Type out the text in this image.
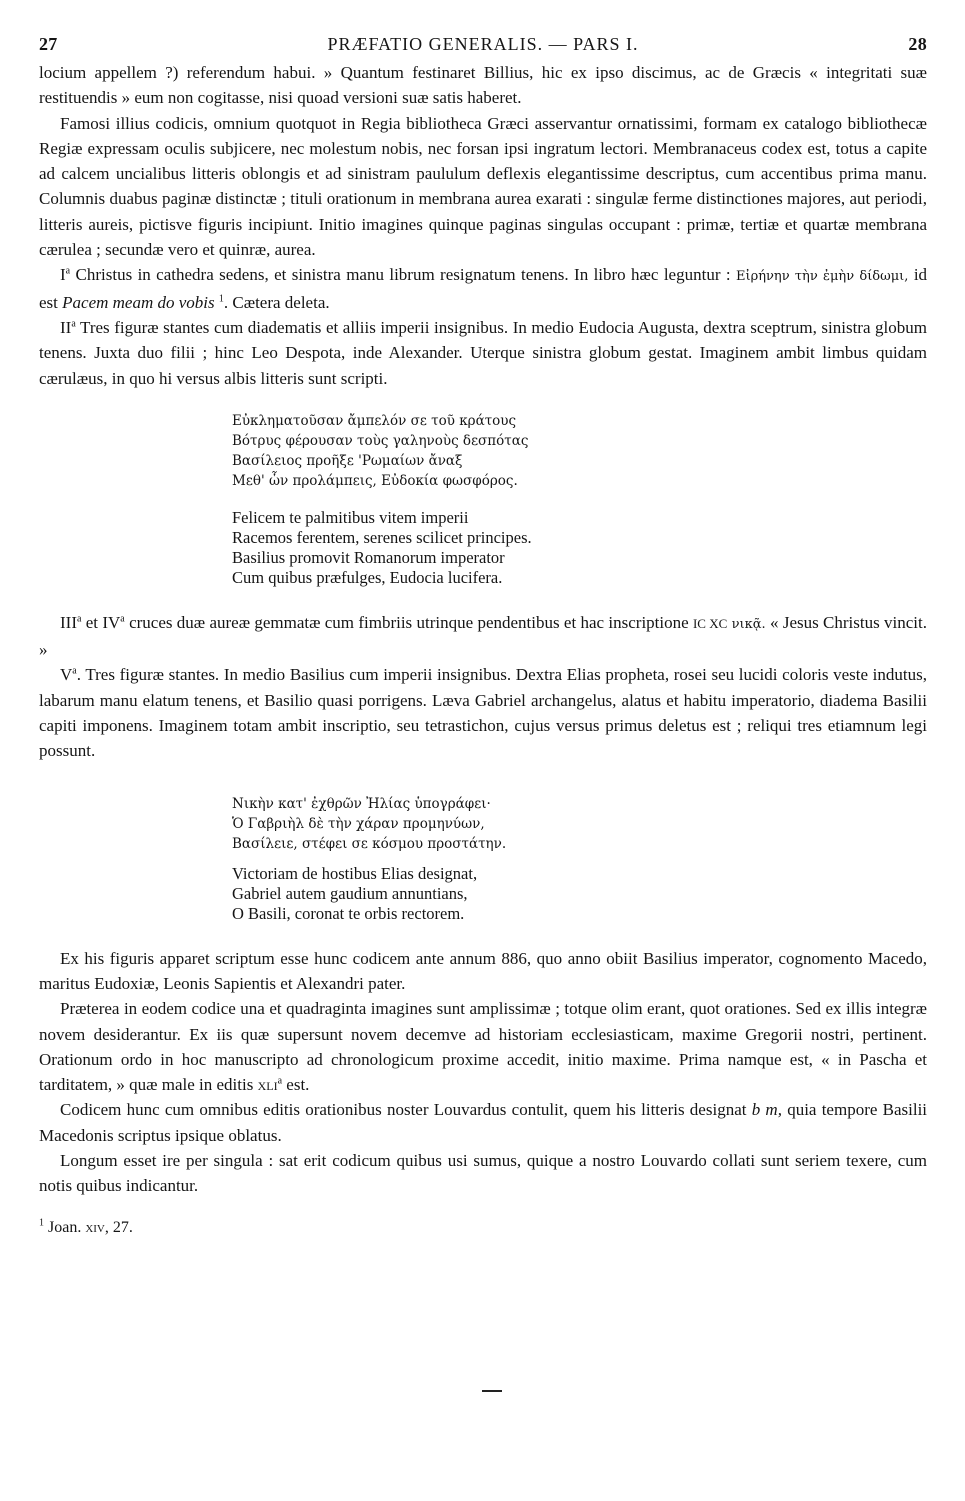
27	PRÆFATIO GENERALIS. — PARS I.	28

locium appellem ?) referendum habui. » Quantum festinaret Billius, hic ex ipso discimus, ac de Græcis « integritati suæ restituendis » eum non cogitasse, nisi quoad versioni suæ satis haberet.

Famosi illius codicis, omnium quotquot in Regia bibliotheca Græci asservantur ornatissimi, formam ex catalogo bibliothecæ Regiæ expressam oculis subjicere, nec molestum nobis, nec forsan ipsi ingratum lectori. Membranaceus codex est, totus a capite ad calcem uncialibus litteris oblongis et ad sinistram paululum deflexis elegantissime descriptus, cum accentibus prima manu. Columnis duabus paginæ distinctæ ; tituli orationum in membrana aurea exarati : singulæ ferme distinctiones majores, aut periodi, litteris aureis, pictisve figuris incipiunt. Initio imagines quinque paginas singulas occupant : primæ, tertiæ et quartæ membrana cærulea ; secundæ vero et quinræ, aurea.

$I^a$ Christus in cathedra sedens, et sinistra manu librum resignatum tenens. In libro hæc leguntur : Εἰρήνην τὴν ἐμὴν δίδωμι, id est Pacem meam do vobis $^1$. Cætera deleta.

$II^a$ Tres figuræ stantes cum diadematis et alliis imperii insignibus. In medio Eudocia Augusta, dextra sceptrum, sinistra globum tenens. Juxta duo filii ; hinc Leo Despota, inde Alexander. Uterque sinistra globum gestat. Imaginem ambit limbus quidam cærulæus, in quo hi versus albis litteris sunt scripti.

Εὐκληματοῦσαν ἄμπελόν σε τοῦ κράτους
Βότρυς φέρουσαν τοὺς γαληνοὺς δεσπότας
Βασίλειος προῆξε 'Ρωμαίων ἄναξ
Μεθ' ὧν προλάμπεις, Εὐδοκία φωσφόρος.
Felicem te palmitibus vitem imperii
Racemos ferentem, serenes scilicet principes.
Basilius promovit Romanorum imperator
Cum quibus præfulges, Eudocia lucifera.

III$^a$ et $IV^a$ cruces duæ aureæ gemmatæ cum fimbriis utrinque pendentibus et hac inscriptione IC XC νικᾷ. « Jesus Christus vincit. »

$V^a$. Tres figuræ stantes. In medio Basilius cum imperii insignibus. Dextra Elias propheta, rosei seu lucidi coloris veste indutus, labarum manu elatum tenens, et Basilio quasi porrigens. Læva Gabriel archangelus, alatus et habitu imperatorio, diadema Basilii capiti imponens. Imaginem totam ambit inscriptio, seu tetrastichon, cujus versus primus deletus est ; reliqui tres etiamnum legi possunt.

Νικὴν κατ' ἐχθρῶν Ἠλίας ὑπογράφει·
Ὁ Γαβριὴλ δὲ τὴν χάραν προμηνύων,
Βασίλειε, στέφει σε κόσμου προστάτην.
Victoriam de hostibus Elias designat,
Gabriel autem gaudium annuntians,
O Basili, coronat te orbis rectorem.

Ex his figuris apparet scriptum esse hunc codicem ante annum 886, quo anno obiit Basilius imperator, cognomento Macedo, maritus Eudoxiæ, Leonis Sapientis et Alexandri pater.

Præterea in eodem codice una et quadraginta imagines sunt amplissimæ ; totque olim erant, quot orationes. Sed ex illis integræ novem desiderantur. Ex iis quæ supersunt novem decemve ad historiam ecclesiasticam, maxime Gregorii nostri, pertinent. Orationum ordo in hoc manuscripto ad chronologicum proxime accedit, initio maxime. Prima namque est, « in Pascha et tarditatem, » quæ male in editis xli$^a$ est.

Codicem hunc cum omnibus editis orationibus noster Louvardus contulit, quem his litteris designat b m, quia tempore Basilii Macedonis scriptus ipsique oblatus.

Longum esset ire per singula : sat erit codicum quibus usi sumus, quique a nostro Louvardo collati sunt seriem texere, cum notis quibus indicantur.

$^1$ Joan. xiv, 27.
